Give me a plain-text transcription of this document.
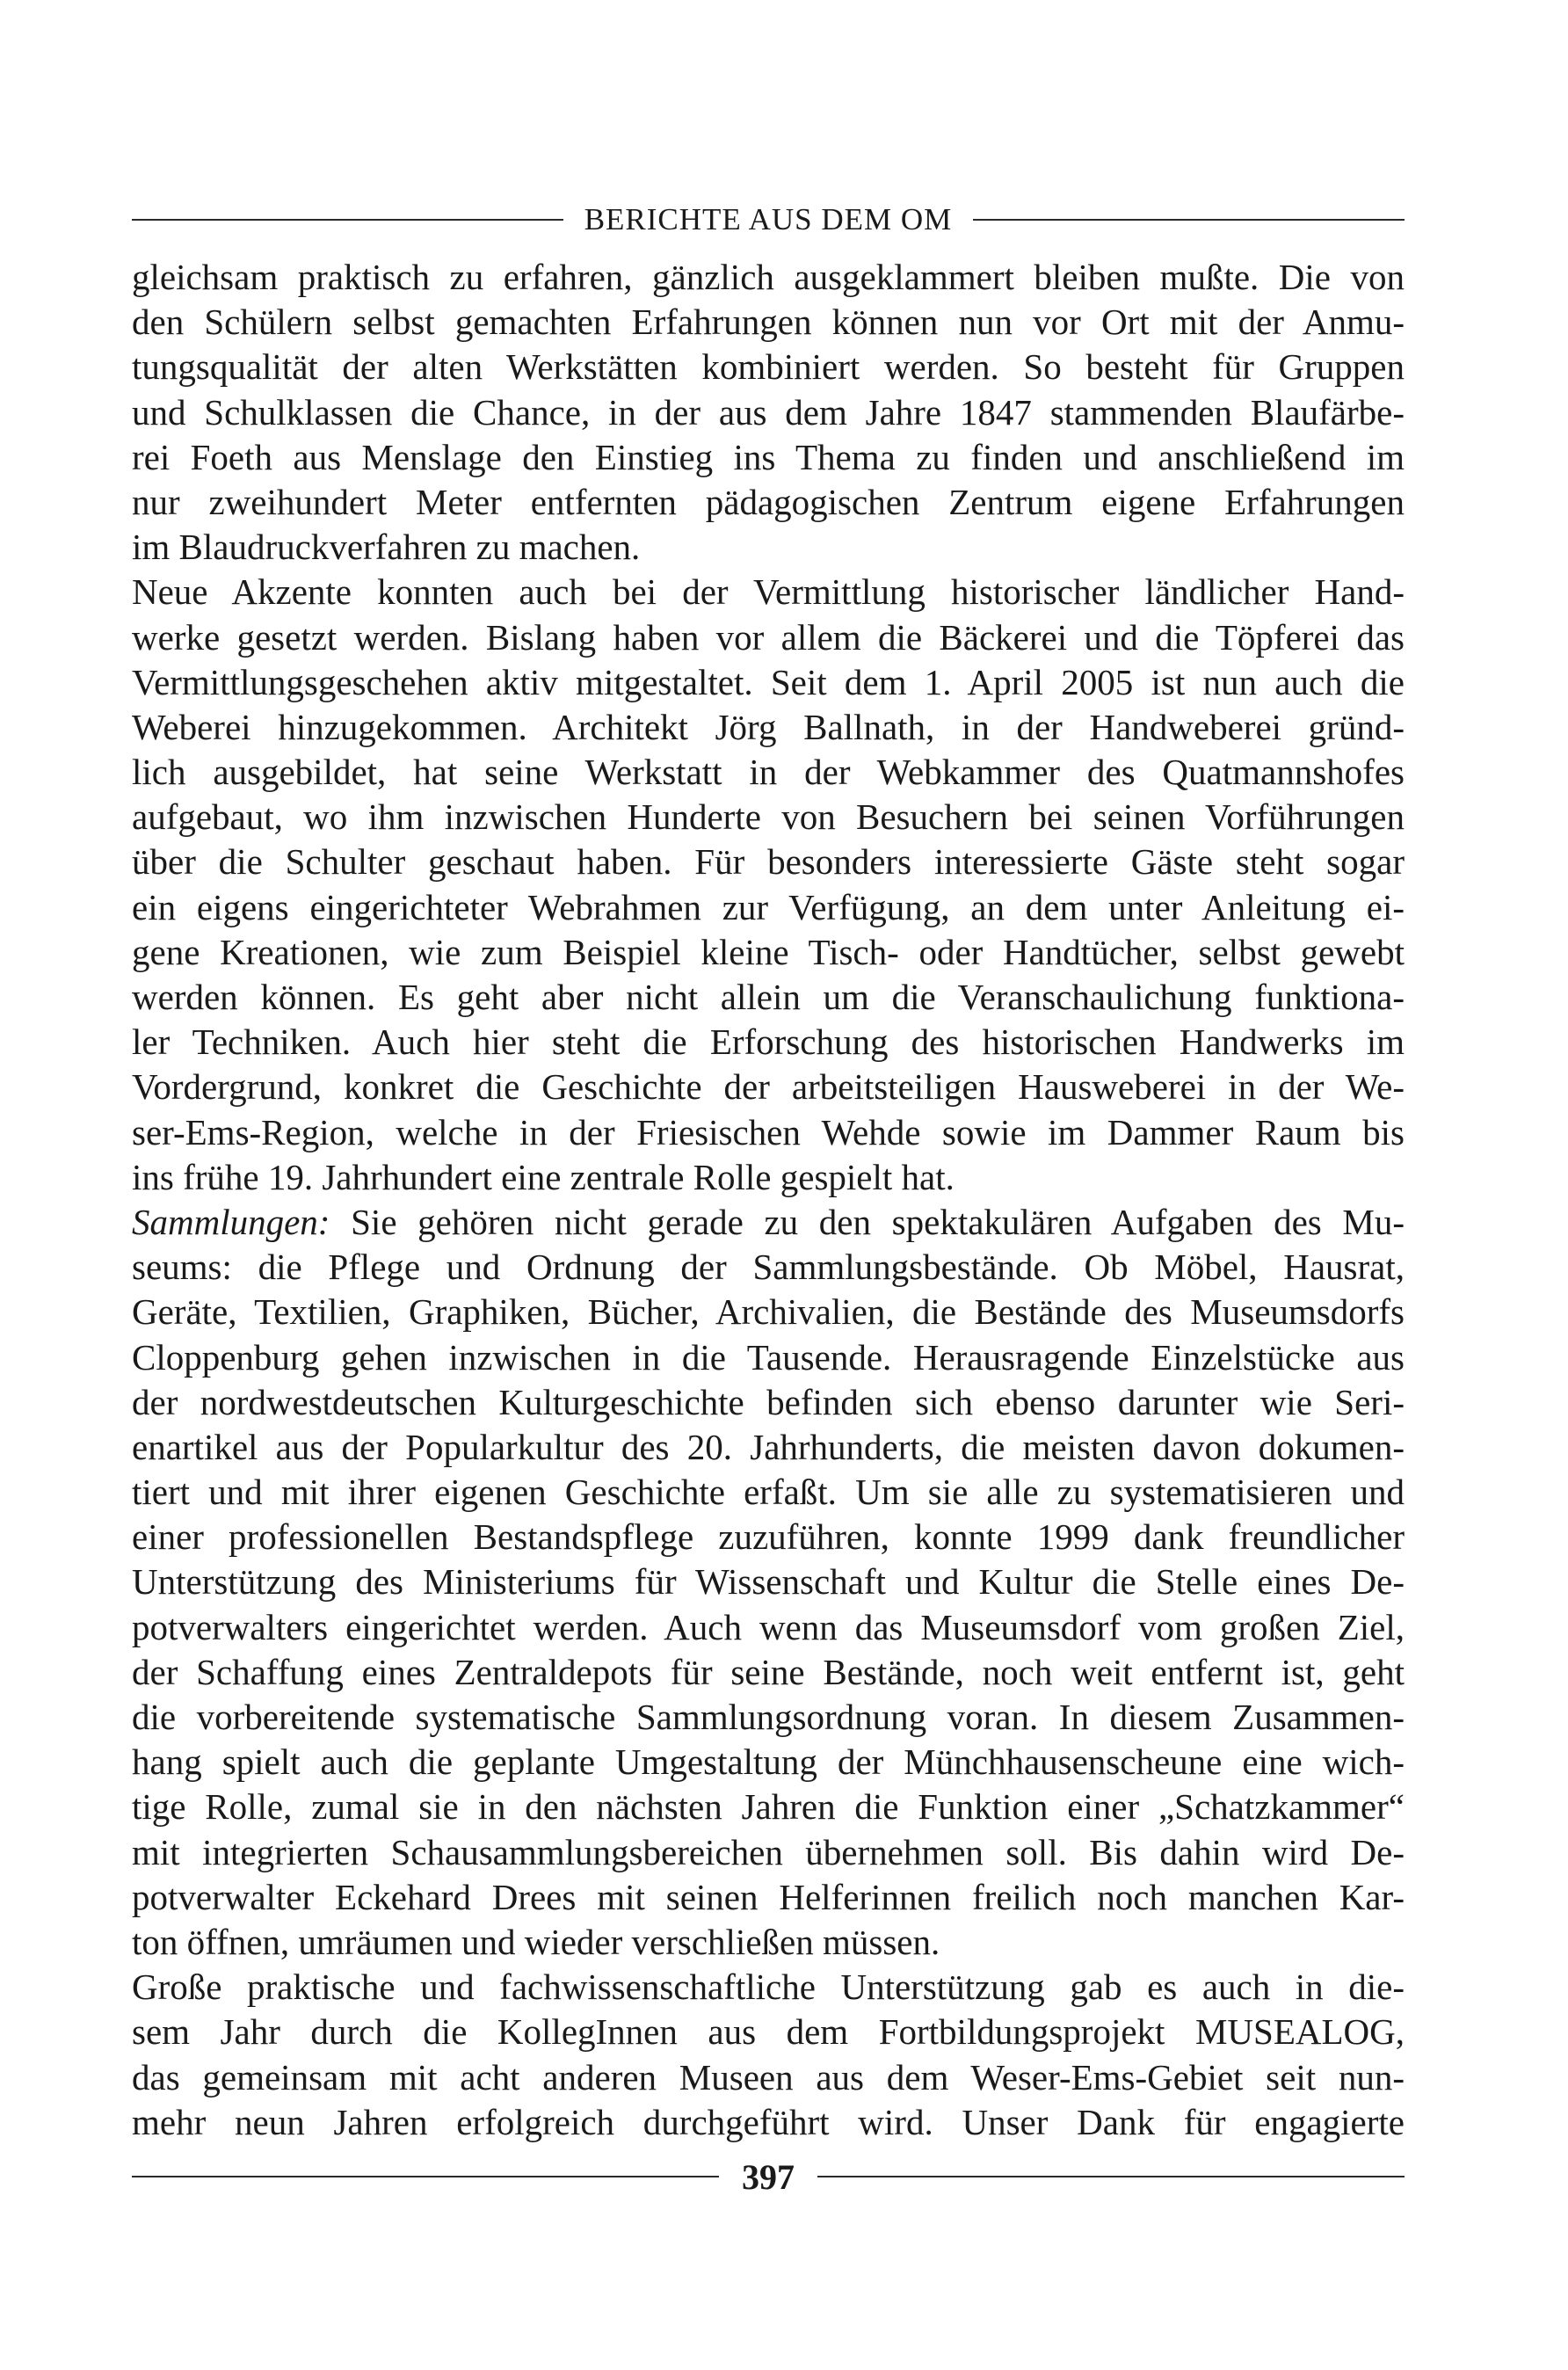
BERICHTE AUS DEM OM
gleichsam praktisch zu erfahren, gänzlich ausgeklammert bleiben mußte. Die von
den Schülern selbst gemachten Erfahrungen können nun vor Ort mit der Anmu-
tungsqualität der alten Werkstätten kombiniert werden. So besteht für Gruppen
und Schulklassen die Chance, in der aus dem Jahre 1847 stammenden Blaufärbe-
rei Foeth aus Menslage den Einstieg ins Thema zu finden und anschließend im
nur zweihundert Meter entfernten pädagogischen Zentrum eigene Erfahrungen
im Blaudruckverfahren zu machen.
Neue Akzente konnten auch bei der Vermittlung historischer ländlicher Hand-
werke gesetzt werden. Bislang haben vor allem die Bäckerei und die Töpferei das
Vermittlungsgeschehen aktiv mitgestaltet. Seit dem 1. April 2005 ist nun auch die
Weberei hinzugekommen. Architekt Jörg Ballnath, in der Handweberei gründ-
lich ausgebildet, hat seine Werkstatt in der Webkammer des Quatmannshofes
aufgebaut, wo ihm inzwischen Hunderte von Besuchern bei seinen Vorführungen
über die Schulter geschaut haben. Für besonders interessierte Gäste steht sogar
ein eigens eingerichteter Webrahmen zur Verfügung, an dem unter Anleitung ei-
gene Kreationen, wie zum Beispiel kleine Tisch- oder Handtücher, selbst gewebt
werden können. Es geht aber nicht allein um die Veranschaulichung funktiona-
ler Techniken. Auch hier steht die Erforschung des historischen Handwerks im
Vordergrund, konkret die Geschichte der arbeitsteiligen Hausweberei in der We-
ser-Ems-Region, welche in der Friesischen Wehde sowie im Dammer Raum bis
ins frühe 19. Jahrhundert eine zentrale Rolle gespielt hat.
Sammlungen: Sie gehören nicht gerade zu den spektakulären Aufgaben des Mu-
seums: die Pflege und Ordnung der Sammlungsbestände. Ob Möbel, Hausrat,
Geräte, Textilien, Graphiken, Bücher, Archivalien, die Bestände des Museumsdorfs
Cloppenburg gehen inzwischen in die Tausende. Herausragende Einzelstücke aus
der nordwestdeutschen Kulturgeschichte befinden sich ebenso darunter wie Seri-
enartikel aus der Popularkultur des 20. Jahrhunderts, die meisten davon dokumen-
tiert und mit ihrer eigenen Geschichte erfaßt. Um sie alle zu systematisieren und
einer professionellen Bestandspflege zuzuführen, konnte 1999 dank freundlicher
Unterstützung des Ministeriums für Wissenschaft und Kultur die Stelle eines De-
potverwalters eingerichtet werden. Auch wenn das Museumsdorf vom großen Ziel,
der Schaffung eines Zentraldepots für seine Bestände, noch weit entfernt ist, geht
die vorbereitende systematische Sammlungsordnung voran. In diesem Zusammen-
hang spielt auch die geplante Umgestaltung der Münchhausenscheune eine wich-
tige Rolle, zumal sie in den nächsten Jahren die Funktion einer „Schatzkammer“
mit integrierten Schausammlungsbereichen übernehmen soll. Bis dahin wird De-
potverwalter Eckehard Drees mit seinen Helferinnen freilich noch manchen Kar-
ton öffnen, umräumen und wieder verschließen müssen.
Große praktische und fachwissenschaftliche Unterstützung gab es auch in die-
sem Jahr durch die KollegInnen aus dem Fortbildungsprojekt MUSEALOG,
das gemeinsam mit acht anderen Museen aus dem Weser-Ems-Gebiet seit nun-
mehr neun Jahren erfolgreich durchgeführt wird. Unser Dank für engagierte
397
